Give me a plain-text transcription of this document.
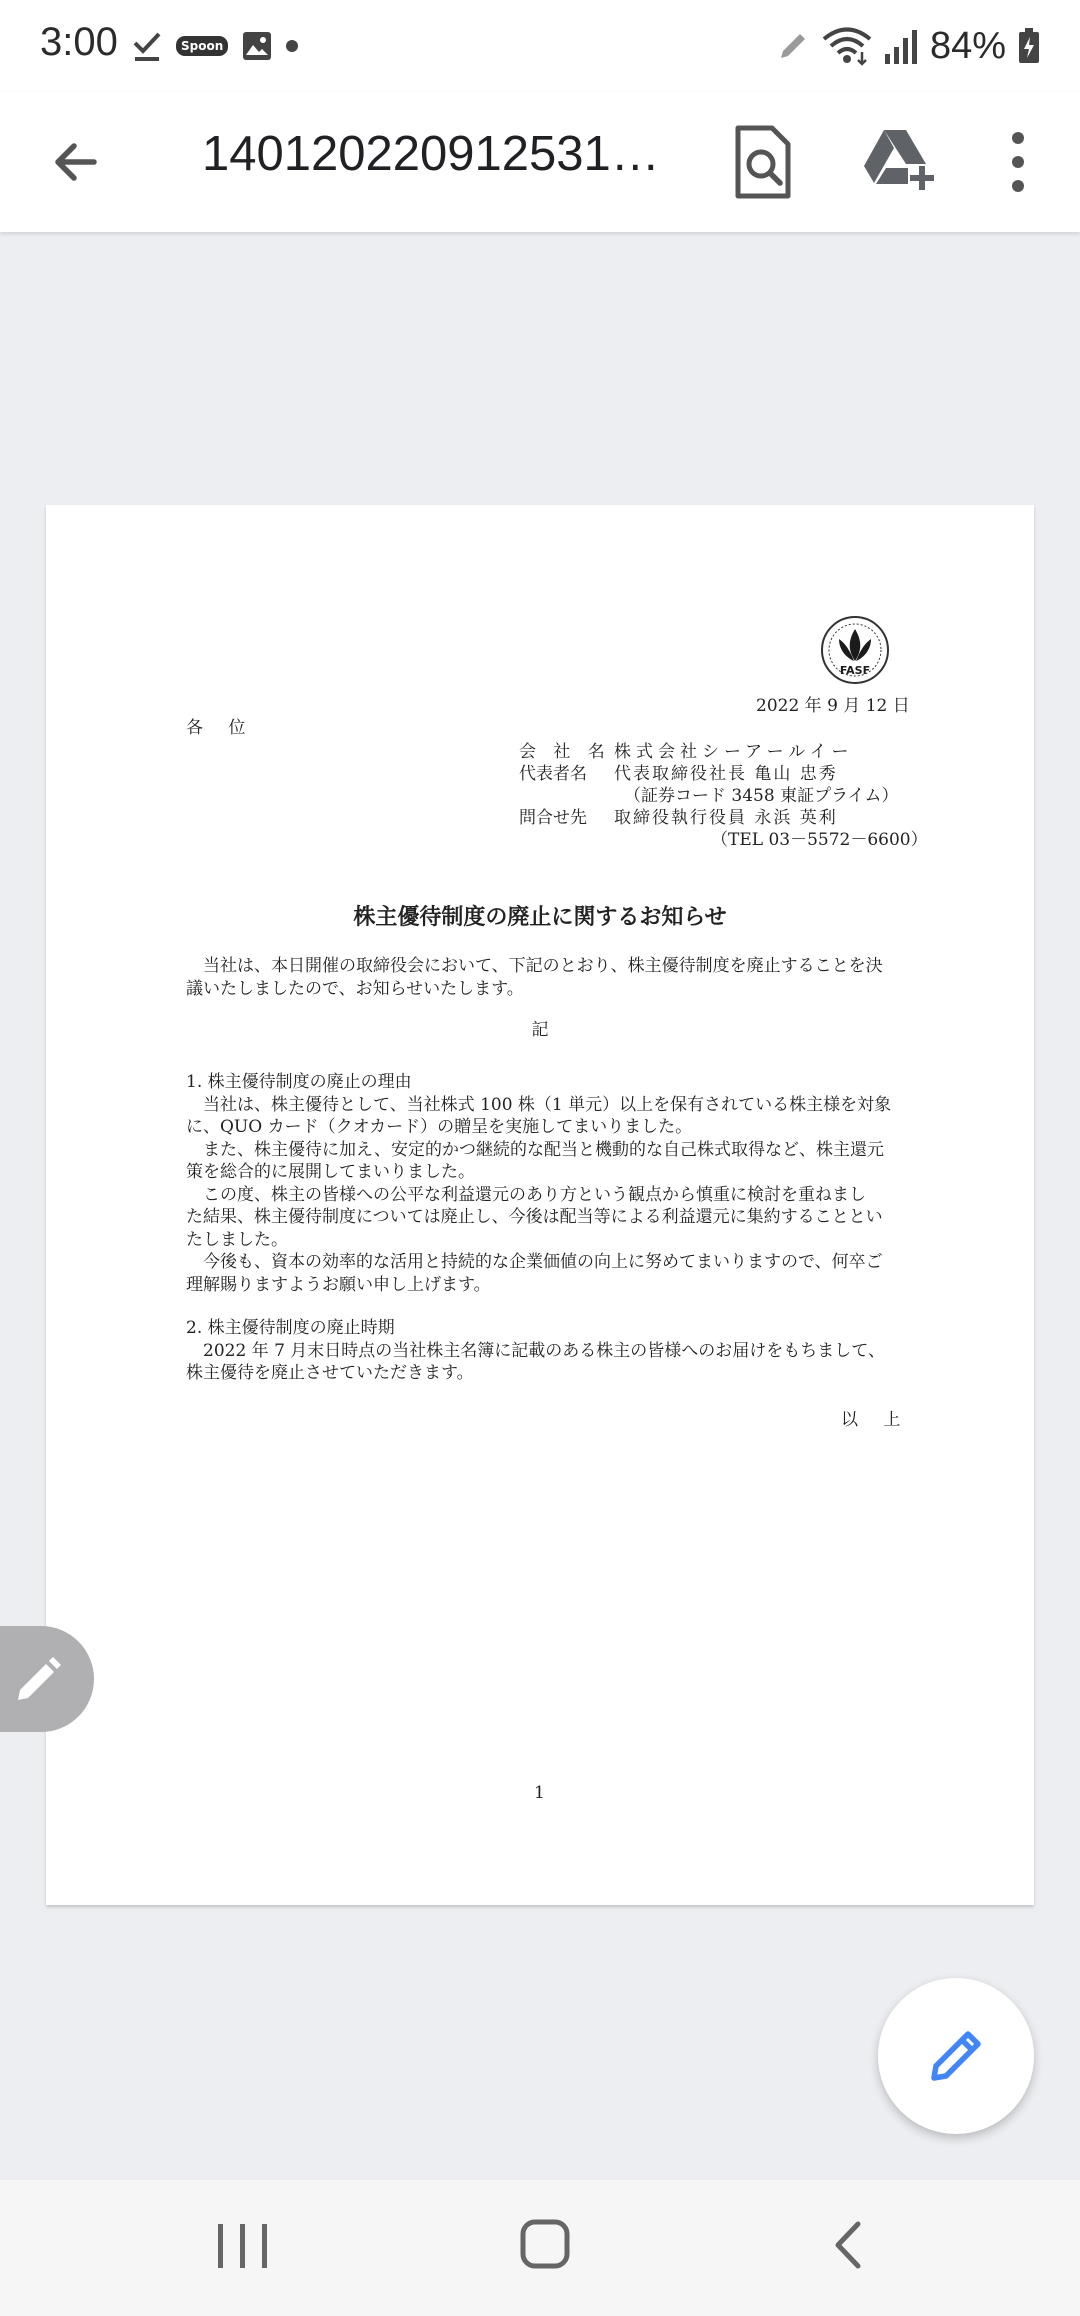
3:00	Spoon	84%
140120220912531…
FASF
2022 年 9 月 12 日
各 位
会 社 名 株式会社シーアールイー
代表者名 代表取締役社長 亀山 忠秀
（証券コード 3458 東証プライム）
問合せ先 取締役執行役員 永浜 英利
（TEL 03－5572－6600）
株主優待制度の廃止に関するお知らせ
　当社は、本日開催の取締役会において、下記のとおり、株主優待制度を廃止することを決
議いたしましたので、お知らせいたします。
記
1. 株主優待制度の廃止の理由
　当社は、株主優待として、当社株式 100 株（1 単元）以上を保有されている株主様を対象
に、QUO カード（クオカード）の贈呈を実施してまいりました。
　また、株主優待に加え、安定的かつ継続的な配当と機動的な自己株式取得など、株主還元
策を総合的に展開してまいりました。
　この度、株主の皆様への公平な利益還元のあり方という観点から慎重に検討を重ねまし
た結果、株主優待制度については廃止し、今後は配当等による利益還元に集約することとい
たしました。
　今後も、資本の効率的な活用と持続的な企業価値の向上に努めてまいりますので、何卒ご
理解賜りますようお願い申し上げます。
2. 株主優待制度の廃止時期
　2022 年 7 月末日時点の当社株主名簿に記載のある株主の皆様へのお届けをもちまして、
株主優待を廃止させていただきます。
以 上
1
